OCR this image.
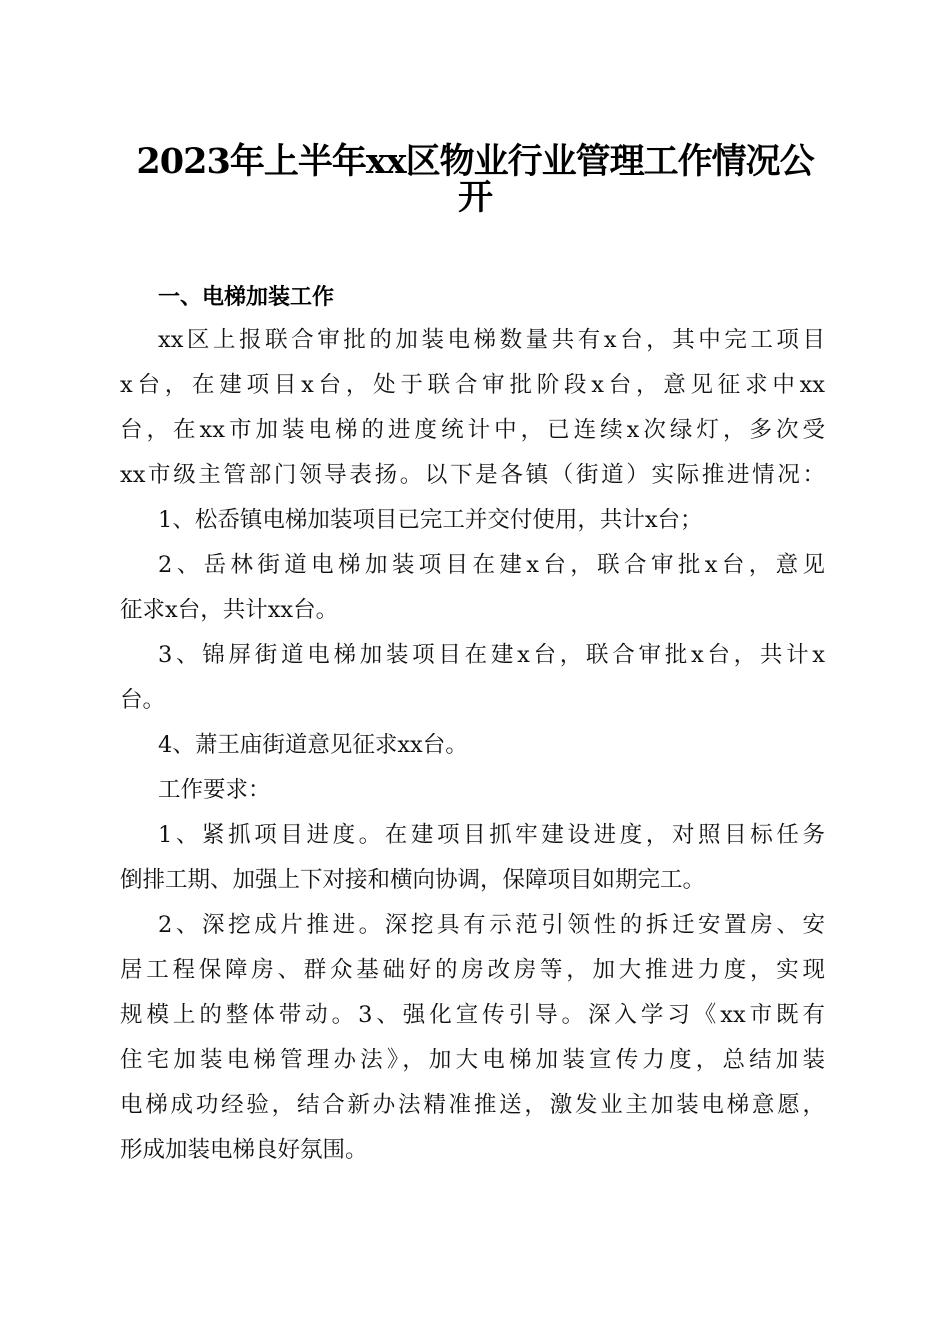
2023年上半年xx区物业行业管理工作情况公
开
一、电梯加装工作
xx区上报联合审批的加装电梯数量共有x台，其中完工项目
x台，在建项目x台，处于联合审批阶段x台，意见征求中xx
台，在xx市加装电梯的进度统计中，已连续x次绿灯，多次受
xx市级主管部门领导表扬。以下是各镇（街道）实际推进情况：
1、松岙镇电梯加装项目已完工并交付使用，共计x台；
2、岳林街道电梯加装项目在建x台，联合审批x台，意见
征求x台，共计xx台。
3、锦屏街道电梯加装项目在建x台，联合审批x台，共计x
台。
4、萧王庙街道意见征求xx台。
工作要求：
1、紧抓项目进度。在建项目抓牢建设进度，对照目标任务
倒排工期、加强上下对接和横向协调，保障项目如期完工。
2、深挖成片推进。深挖具有示范引领性的拆迁安置房、安
居工程保障房、群众基础好的房改房等，加大推进力度，实现
规模上的整体带动。3、强化宣传引导。深入学习《xx市既有
住宅加装电梯管理办法》，加大电梯加装宣传力度，总结加装
电梯成功经验，结合新办法精准推送，激发业主加装电梯意愿，
形成加装电梯良好氛围。
